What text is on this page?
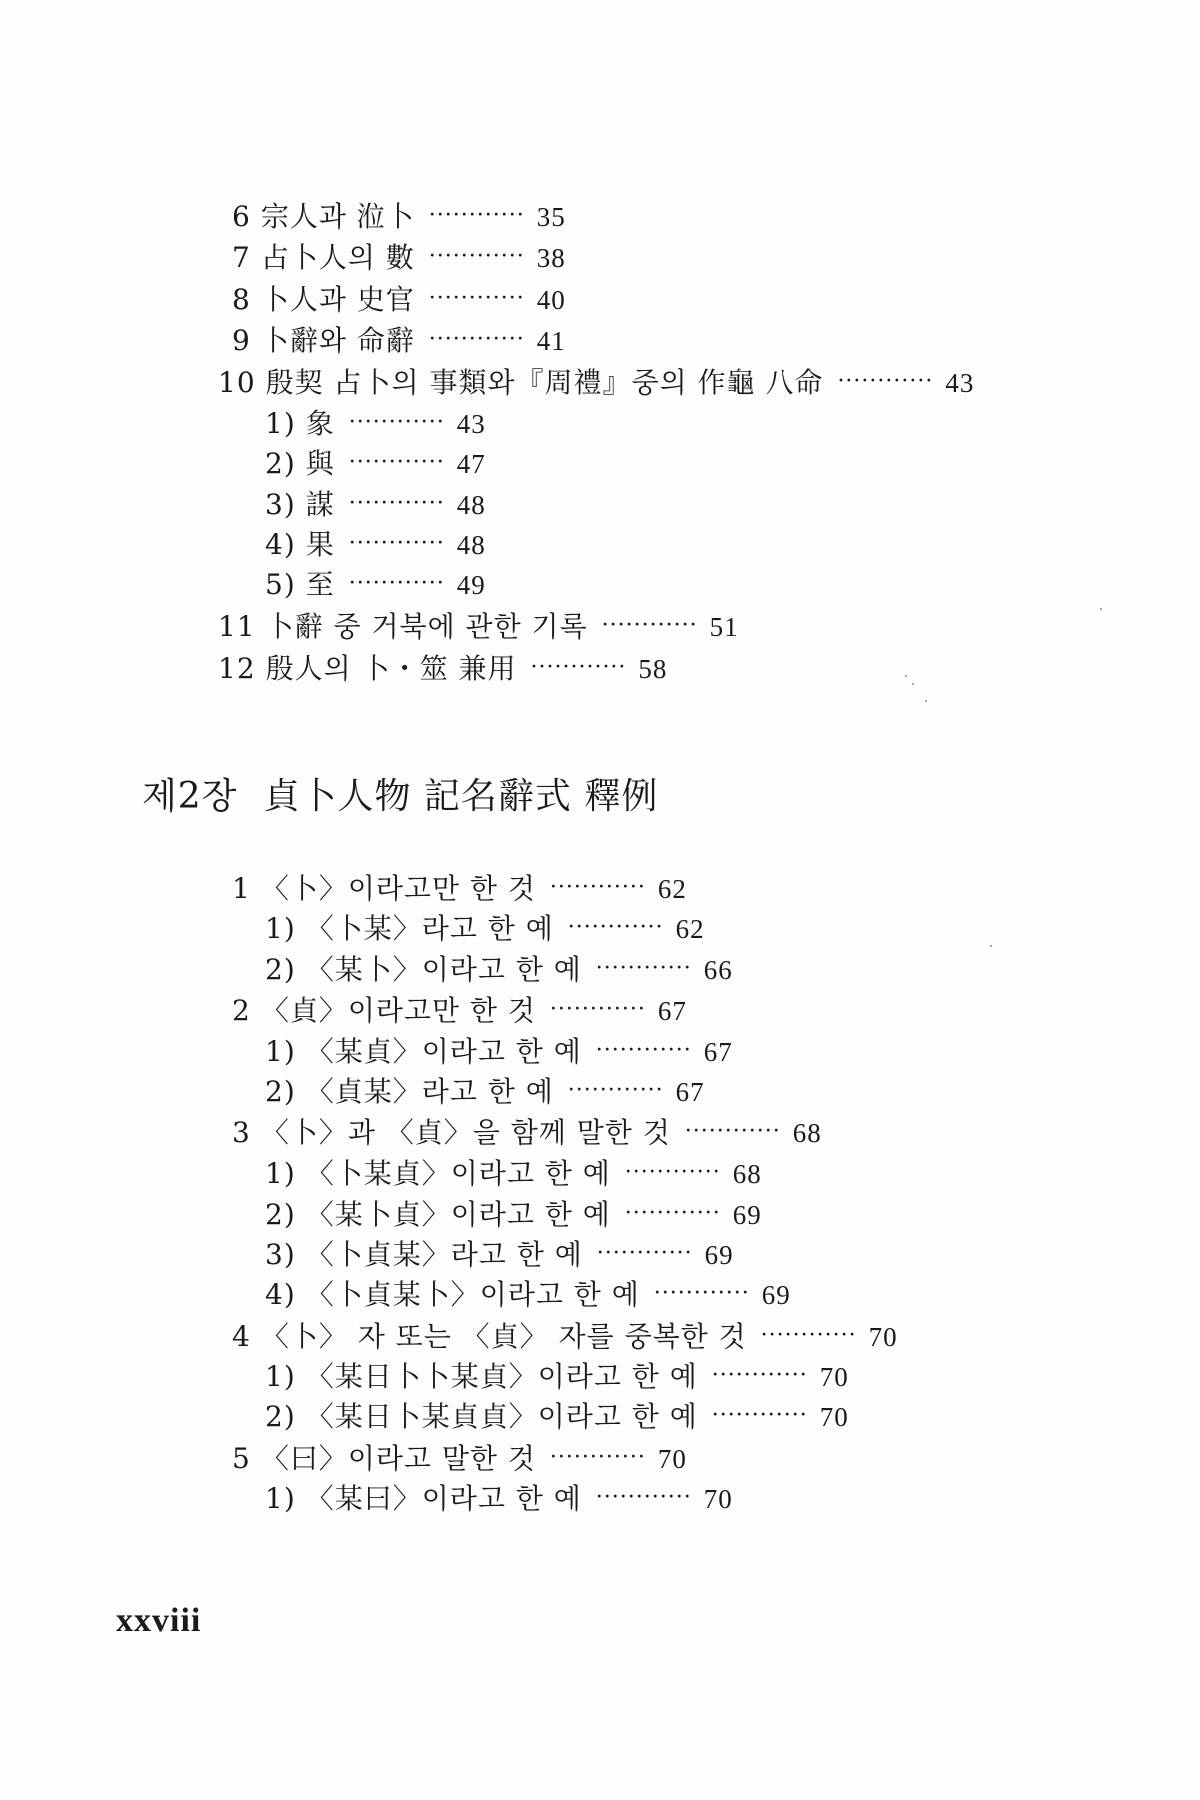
6 宗人과 涖卜 ············ 35
7 占卜人의 數 ············ 38
8 卜人과 史官 ············ 40
9 卜辭와 命辭 ············ 41
10 殷契 占卜의 事類와『周禮』중의 作龜 八命 ············ 43
1) 象 ············ 43
2) 與 ············ 47
3) 謀 ············ 48
4) 果 ············ 48
5) 至 ············ 49
11 卜辭 중 거북에 관한 기록 ············ 51
12 殷人의 卜・筮 兼用 ············ 58
제2장 貞卜人物 記名辭式 釋例
1 〈卜〉이라고만 한 것 ············ 62
1) 〈卜某〉라고 한 예 ············ 62
2) 〈某卜〉이라고 한 예 ············ 66
2 〈貞〉이라고만 한 것 ············ 67
1) 〈某貞〉이라고 한 예 ············ 67
2) 〈貞某〉라고 한 예 ············ 67
3 〈卜〉과 〈貞〉을 함께 말한 것 ············ 68
1) 〈卜某貞〉이라고 한 예 ············ 68
2) 〈某卜貞〉이라고 한 예 ············ 69
3) 〈卜貞某〉라고 한 예 ············ 69
4) 〈卜貞某卜〉이라고 한 예 ············ 69
4 〈卜〉 자 또는 〈貞〉 자를 중복한 것 ············ 70
1) 〈某日卜卜某貞〉이라고 한 예 ············ 70
2) 〈某日卜某貞貞〉이라고 한 예 ············ 70
5 〈曰〉이라고 말한 것 ············ 70
1) 〈某曰〉이라고 한 예 ············ 70
xxviii
